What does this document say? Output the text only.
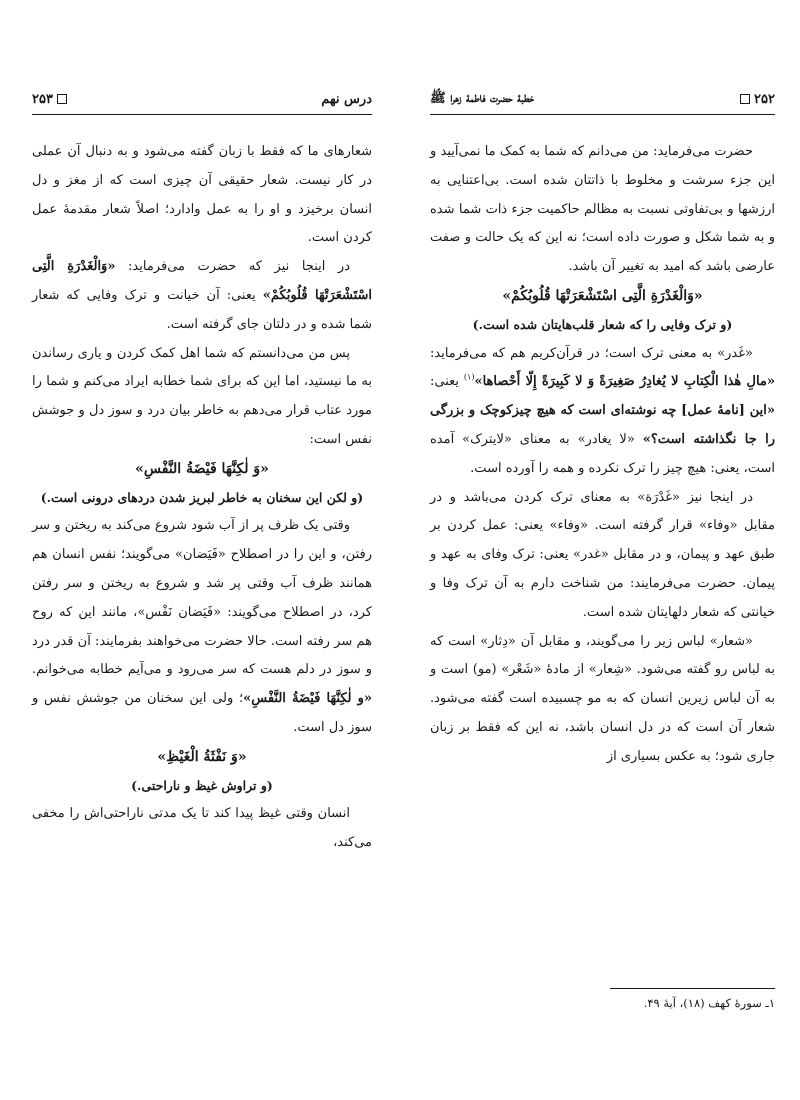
۲۵۲
خطبهٔ حضرت فاطمهٔ زهرا ﷺ

حضرت می‌فرماید: من می‌دانم که شما به کمک ما نمی‌آیید و این جزء سرشت و مخلوط با ذاتتان شده است. بی‌اعتنایی به ارزشها و بی‌تفاوتی نسبت به مظالم حاکمیت جزء ذات شما شده و به شما شکل و صورت داده است؛ نه این که یک حالت و صفت عارضی باشد که امید به تغییر آن باشد.

«وَالْغَدْرَةِ الَّتِی اسْتَشْعَرَتْهَا قُلُوبُكُمْ»

(و ترک وفایی را که شعار قلب‌هایتان شده است.)

«غَدر» به معنی ترک است؛ در قرآن‌کریم هم که می‌فرماید: «مالِ هٰذا الْكِتابِ لا يُغادِرُ صَغِيرَةً وَ لا كَبِيرَةً إِلّا أَحْصاها»$^{(۱)}$ یعنی: «این [نامهٔ عمل] چه نوشته‌ای است که هیچ چیزکوچک و بزرگی را جا نگذاشته است؟» «لا یغادر» به معنای «لایترک» آمده است، یعنی: هیچ چیز را ترک نکرده و همه را آورده است.

در اینجا نیز «غَدْرَة» به معنای ترک کردن می‌باشد و در مقابل «وفاء» قرار گرفته است. «وفاء» یعنی: عمل کردن بر طبق عهد و پیمان، و در مقابل «غدر» یعنی: ترک وفای به عهد و پیمان. حضرت می‌فرمایند: من شناخت دارم به آن ترک وفا و خیانتی که شعار دلهایتان شده است.

«شعار» لباس زیر را می‌گویند، و مقابل آن «دِثار» است که به لباس رو گفته می‌شود. «شِعار» از مادهٔ «شَعْر» (مو) است و به آن لباس زیرین انسان که به مو چسبیده است گفته می‌شود. شعار آن است که در دل انسان باشد، نه این که فقط بر زبان جاری شود؛ به عکس بسیاری از

۱ـ سورهٔ کهف (۱۸)، آیهٔ ۴۹.
درس نهم
۲۵۳

شعارهای ما که فقط با زبان گفته می‌شود و به دنبال آن عملی در کار نیست. شعار حقیقی آن چیزی است که از مغز و دل انسان برخیزد و او را به عمل وادارد؛ اصلاً شعار مقدمهٔ عمل کردن است.

در اینجا نیز که حضرت می‌فرماید: «وَالْغَدْرَةِ الَّتِی اسْتَشْعَرَتْهَا قُلُوبُكُمْ» یعنی: آن خیانت و ترک وفایی که شعار شما شده و در دلتان جای گرفته است.

پس من می‌دانستم که شما اهل کمک کردن و یاری رساندن به ما نیستید، اما این که برای شما خطابه ایراد می‌کنم و شما را مورد عتاب قرار می‌دهم به خاطر بیان درد و سوز دل و جوشش نفس است:

«وَ لٰكِنَّهَا فَيْضَةُ النَّفْسِ»

(و لکن این سخنان به خاطر لبریز شدن دردهای درونی است.)

وقتی یک ظرف پر از آب شود شروع می‌کند به ریختن و سر رفتن، و این را در اصطلاح «فَیَضان» می‌گویند؛ نفس انسان هم همانند ظرف آب وقتی پر شد و شروع به ریختن و سر رفتن کرد، در اصطلاح می‌گویند: «فَیَضان نَفْس»، مانند این که روح هم سر رفته است. حالا حضرت می‌خواهند بفرمایند: آن قدر درد و سوز در دلم هست که سر می‌رود و می‌آیم خطابه می‌خوانم. «و لٰكِنَّهَا فَيْضَةُ النَّفْسِ»؛ ولی این سخنان من جوشش نفس و سوز دل است.

«وَ نَفْثَةُ الْغَيْظِ»

(و تراوش غیظ و ناراحتی.)

انسان وقتی غیظ پیدا کند تا یک مدتی ناراحتی‌اش را مخفی می‌کند،
